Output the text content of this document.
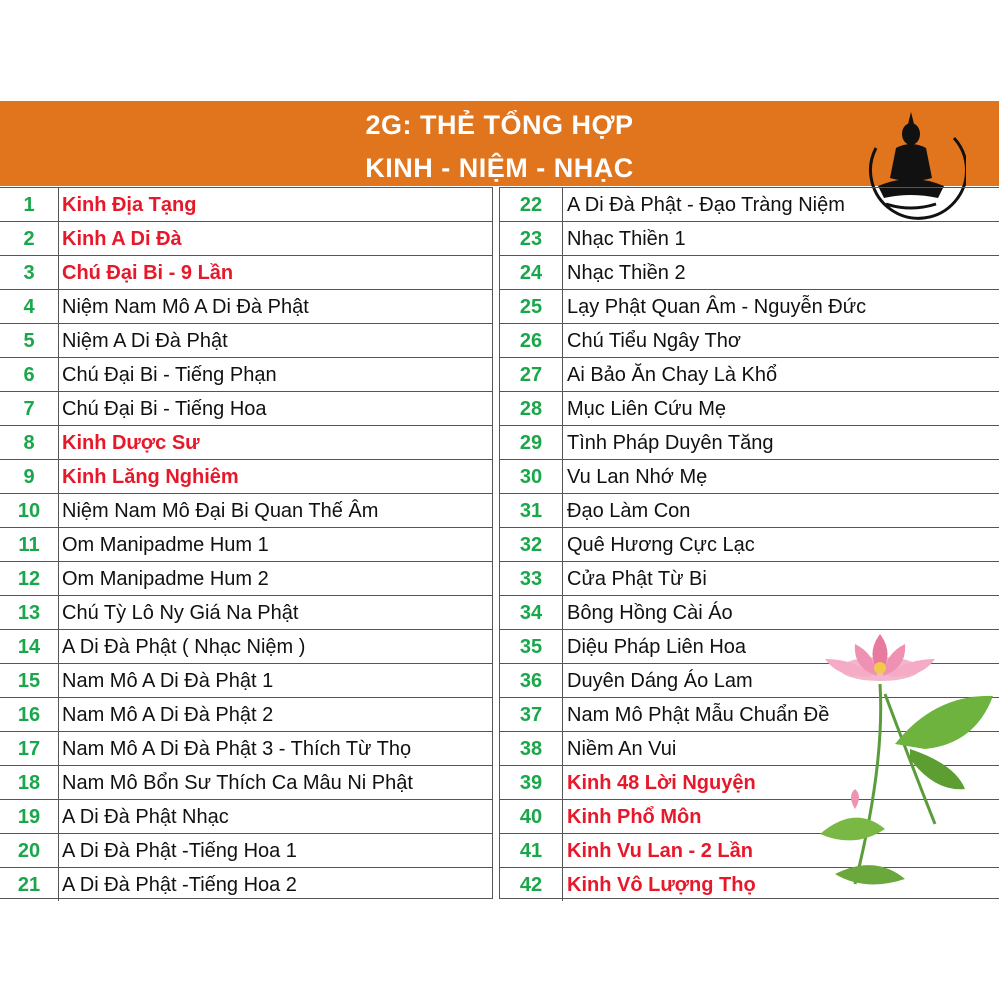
2G: THẺ TỔNG HỢP
KINH - NIỆM - NHẠC
1	Kinh Địa Tạng
2	Kinh A Di Đà
3	Chú Đại Bi - 9 Lần
4	Niệm Nam Mô A Di Đà Phật
5	Niệm A Di Đà Phật
6	Chú Đại Bi - Tiếng Phạn
7	Chú Đại Bi - Tiếng Hoa
8	Kinh Dược Sư
9	Kinh Lăng Nghiêm
10	Niệm Nam Mô Đại Bi Quan Thế Âm
11	Om Manipadme Hum 1
12	Om Manipadme Hum 2
13	Chú Tỳ Lô Ny Giá Na Phật
14	A Di Đà Phật ( Nhạc Niệm )
15	Nam Mô A Di Đà Phật 1
16	Nam Mô A Di Đà Phật 2
17	Nam Mô A Di Đà Phật 3 - Thích Từ Thọ
18	Nam Mô Bổn Sư Thích Ca Mâu Ni Phật
19	A Di Đà Phật Nhạc
20	A Di Đà Phật -Tiếng Hoa 1
21	A Di Đà Phật -Tiếng Hoa 2
22	A Di Đà Phật - Đạo Tràng Niệm
23	Nhạc Thiền 1
24	Nhạc Thiền 2
25	Lạy Phật Quan Âm - Nguyễn Đức
26	Chú Tiểu Ngây Thơ
27	Ai Bảo Ăn Chay Là Khổ
28	Mục Liên Cứu Mẹ
29	Tình Pháp Duyên Tăng
30	Vu Lan Nhớ Mẹ
31	Đạo Làm Con
32	Quê Hương Cực Lạc
33	Cửa Phật Từ Bi
34	Bông Hồng Cài Áo
35	Diệu Pháp Liên Hoa
36	Duyên Dáng Áo Lam
37	Nam Mô Phật Mẫu Chuẩn Đề
38	Niềm An Vui
39	Kinh 48 Lời Nguyện
40	Kinh Phổ Môn
41	Kinh Vu Lan - 2 Lần
42	Kinh Vô Lượng Thọ
